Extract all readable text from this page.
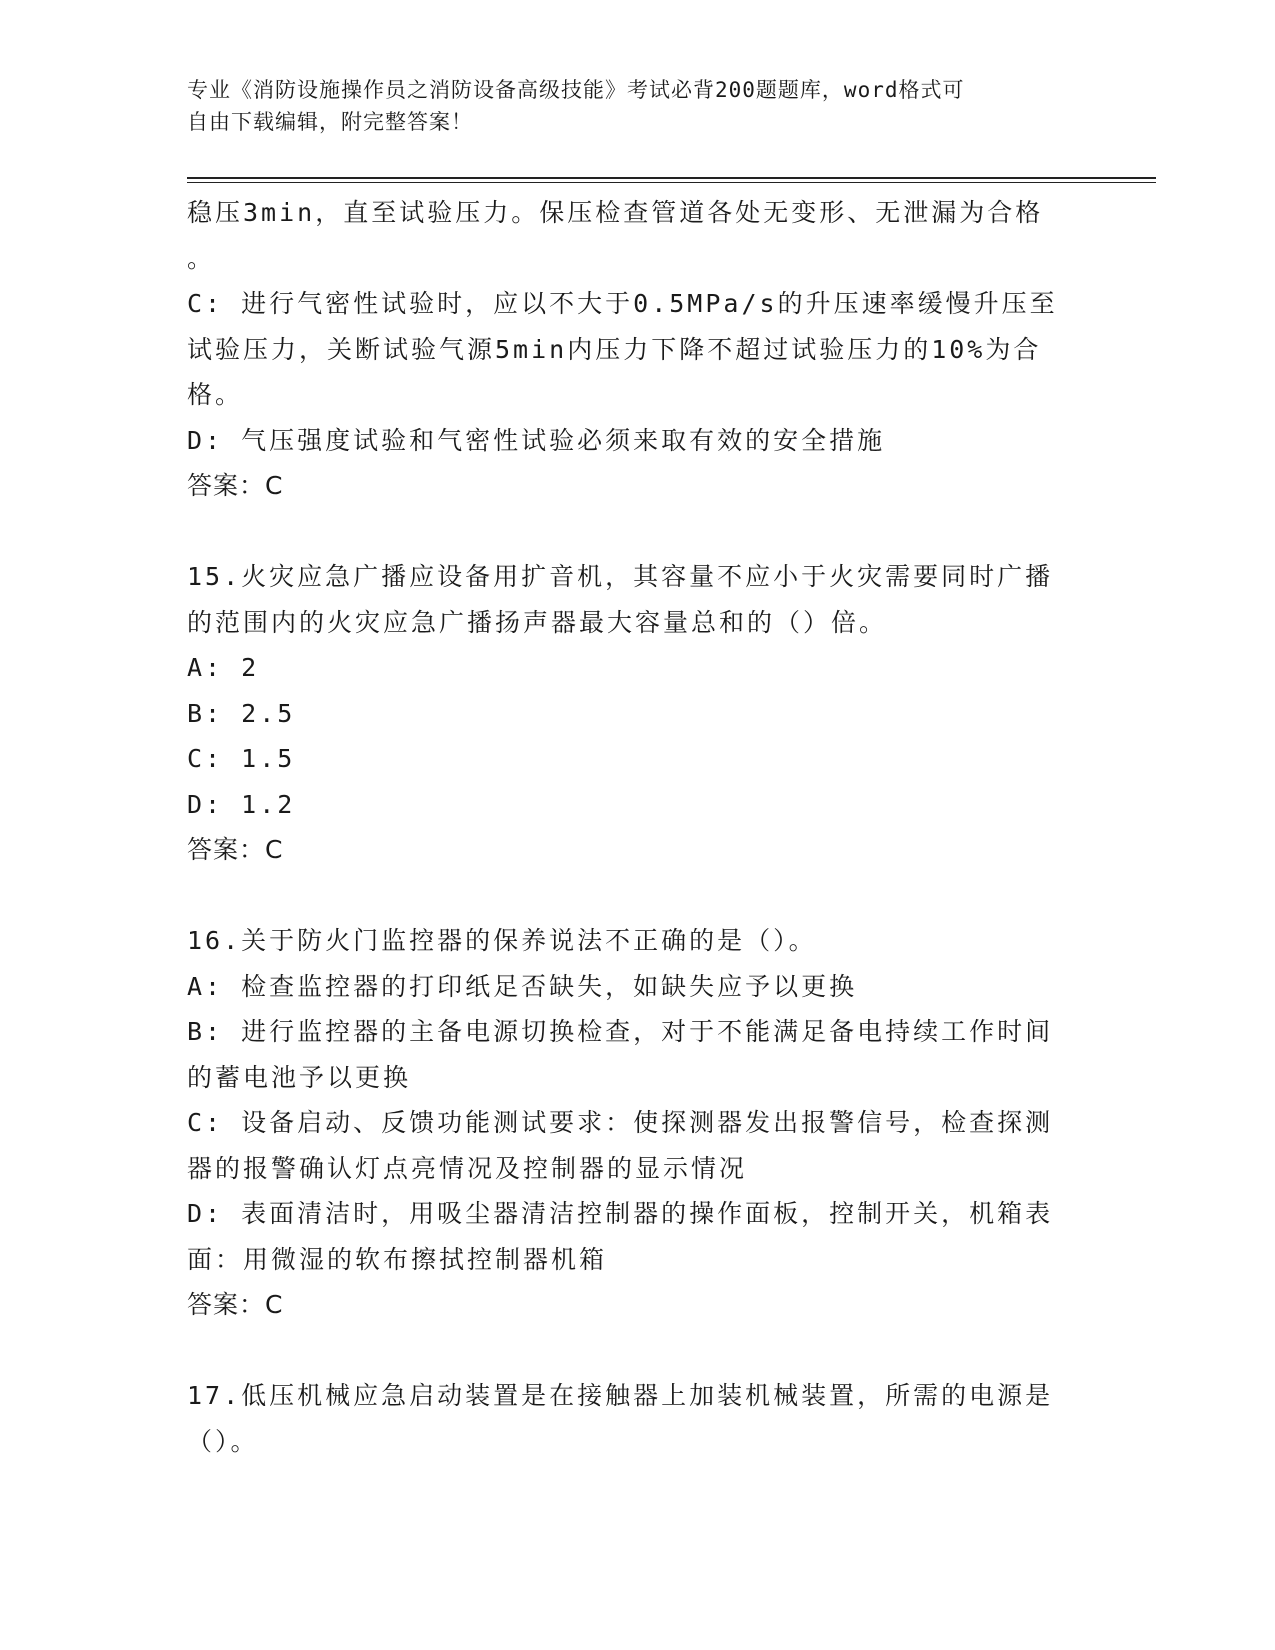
专业《消防设施操作员之消防设备高级技能》考试必背200题题库，word格式可
自由下载编辑，附完整答案！
稳压3min，直至试验压力。保压检查管道各处无变形、无泄漏为合格
。
C: 进行气密性试验时，应以不大于0.5MPa/s的升压速率缓慢升压至
试验压力，关断试验气源5min内压力下降不超过试验压力的10%为合
格。
D: 气压强度试验和气密性试验必须来取有效的安全措施
答案：C
15.火灾应急广播应设备用扩音机，其容量不应小于火灾需要同时广播
的范围内的火灾应急广播扬声器最大容量总和的（）倍。
A: 2
B: 2.5
C: 1.5
D: 1.2
答案：C
16.关于防火门监控器的保养说法不正确的是（）。
A: 检查监控器的打印纸足否缺失，如缺失应予以更换
B: 进行监控器的主备电源切换检查，对于不能满足备电持续工作时间
的蓄电池予以更换
C: 设备启动、反馈功能测试要求：使探测器发出报警信号，检查探测
器的报警确认灯点亮情况及控制器的显示情况
D: 表面清洁时，用吸尘器清洁控制器的操作面板，控制开关，机箱表
面：用微湿的软布擦拭控制器机箱
答案：C
17.低压机械应急启动装置是在接触器上加装机械装置，所需的电源是
（）。
